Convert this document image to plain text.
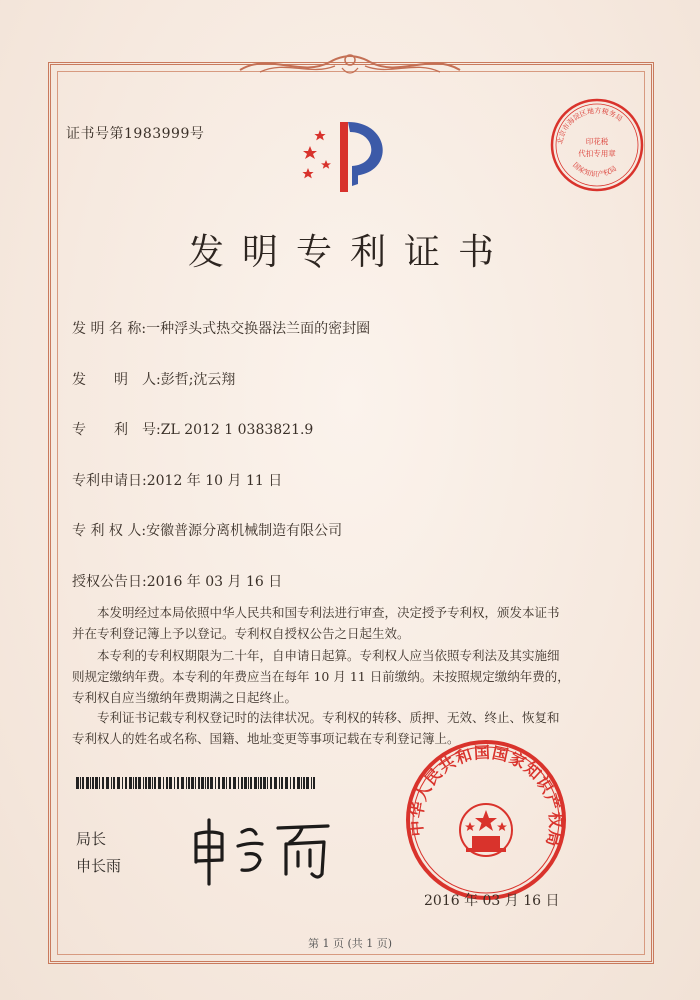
证书号第1983999号	北京市海淀区地方税务局
印花税
代扣专用章
国家知识产权局
发明专利证书
发 明 名 称:一种浮头式热交换器法兰面的密封圈
发　　明　人:彭哲;沈云翔
专　　利　号:ZL 2012 1 0383821.9
专利申请日:2012 年 10 月 11 日
专 利 权 人:安徽普源分离机械制造有限公司
授权公告日:2016 年 03 月 16 日
本发明经过本局依照中华人民共和国专利法进行审查，决定授予专利权，颁发本证书
并在专利登记簿上予以登记。专利权自授权公告之日起生效。
本专利的专利权期限为二十年，自申请日起算。专利权人应当依照专利法及其实施细
则规定缴纳年费。本专利的年费应当在每年 10 月 11 日前缴纳。未按照规定缴纳年费的，
专利权自应当缴纳年费期满之日起终止。
专利证书记载专利权登记时的法律状况。专利权的转移、质押、无效、终止、恢复和
专利权人的姓名或名称、国籍、地址变更等事项记载在专利登记簿上。
局长
申长雨
中华人民共和国国家知识产权局
2016 年 03 月 16 日
第 1 页 (共 1 页)
